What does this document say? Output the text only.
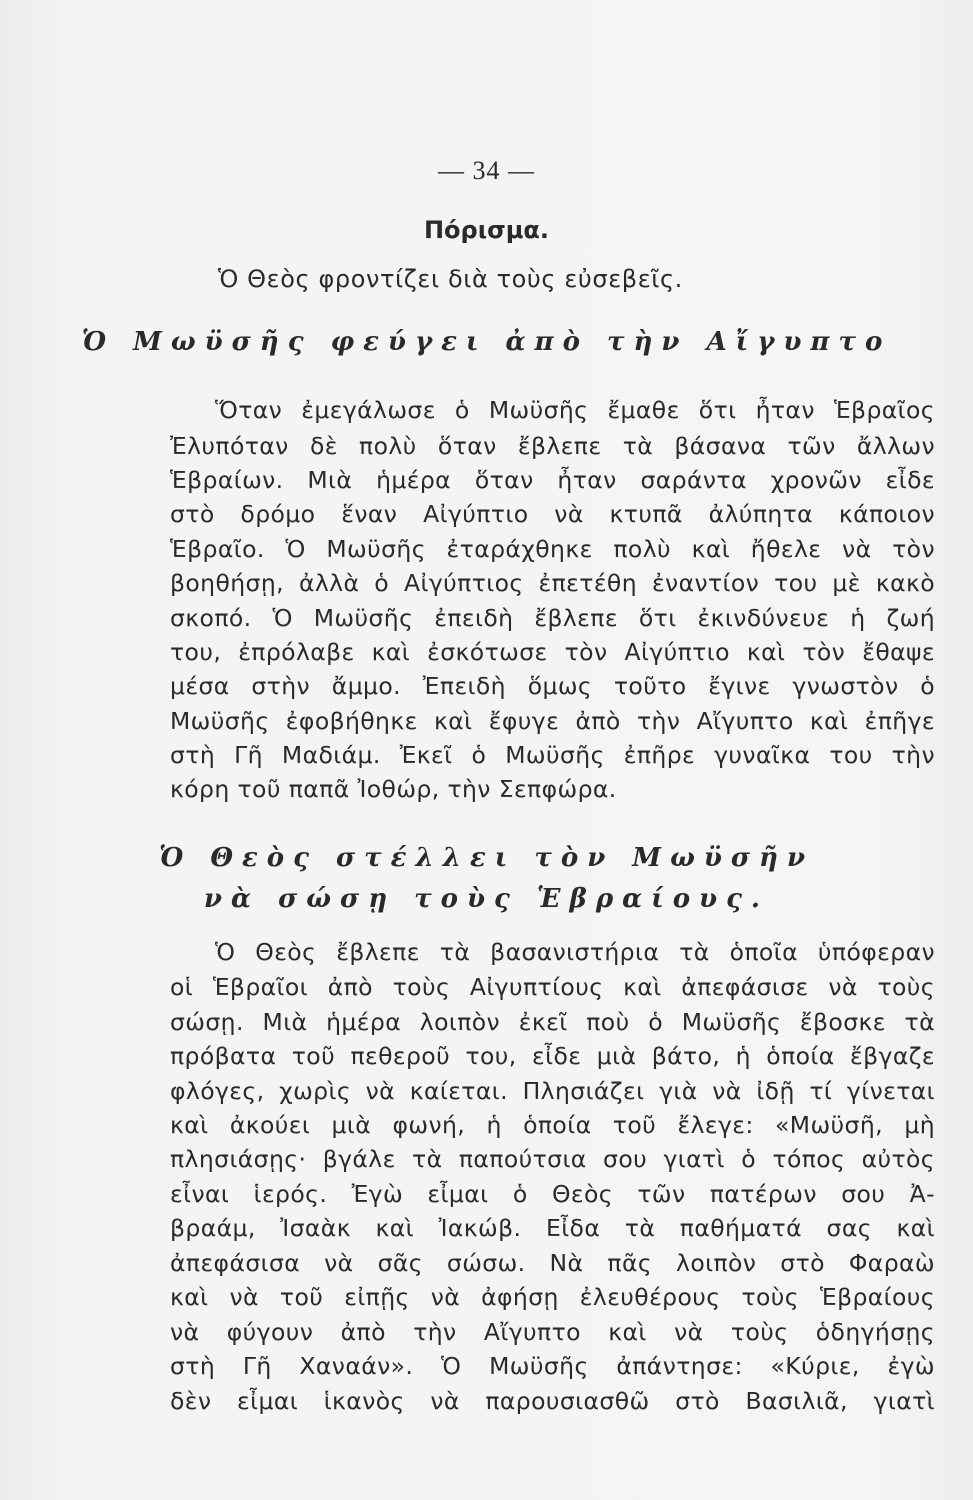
— 34 —
Πόρισμα.
Ὁ Θεὸς φροντίζει διὰ τοὺς εὐσεβεῖς.
Ὁ Μωϋσῆς φεύγει ἀπὸ τὴν Αἴγυπτο
Ὅταν ἐμεγάλωσε ὁ Μωϋσῆς ἔμαθε ὅτι ἦταν Ἑβραῖος
Ἐλυπόταν δὲ πολὺ ὅταν ἔβλεπε τὰ βάσανα τῶν ἄλλων
Ἑβραίων. Μιὰ ἡμέρα ὅταν ἦταν σαράντα χρονῶν εἶδε
στὸ δρόμο ἕναν Αἰγύπτιο νὰ κτυπᾶ ἀλύπητα κάποιον
Ἑβραῖο. Ὁ Μωϋσῆς ἐταράχθηκε πολὺ καὶ ἤθελε νὰ τὸν
βοηθήσῃ, ἀλλὰ ὁ Αἰγύπτιος ἐπετέθη ἐναντίον του μὲ κακὸ
σκοπό. Ὁ Μωϋσῆς ἐπειδὴ ἔβλεπε ὅτι ἐκινδύνευε ἡ ζωή
του, ἐπρόλαβε καὶ ἐσκότωσε τὸν Αἰγύπτιο καὶ τὸν ἔθαψε
μέσα στὴν ἄμμο. Ἐπειδὴ ὅμως τοῦτο ἔγινε γνωστὸν ὁ
Μωϋσῆς ἐφοβήθηκε καὶ ἔφυγε ἀπὸ τὴν Αἴγυπτο καὶ ἐπῆγε
στὴ Γῆ Μαδιάμ. Ἐκεῖ ὁ Μωϋσῆς ἐπῆρε γυναῖκα του τὴν
κόρη τοῦ παπᾶ Ἰοθώρ, τὴν Σεπφώρα.
Ὁ Θεὸς στέλλει τὸν Μωϋσῆν
νὰ σώσῃ τοὺς Ἑβραίους.
Ὁ Θεὸς ἔβλεπε τὰ βασανιστήρια τὰ ὁποῖα ὑπόφεραν
οἱ Ἑβραῖοι ἀπὸ τοὺς Αἰγυπτίους καὶ ἀπεφάσισε νὰ τοὺς
σώσῃ. Μιὰ ἡμέρα λοιπὸν ἐκεῖ ποὺ ὁ Μωϋσῆς ἔβοσκε τὰ
πρόβατα τοῦ πεθεροῦ του, εἶδε μιὰ βάτο, ἡ ὁποία ἔβγαζε
φλόγες, χωρὶς νὰ καίεται. Πλησιάζει γιὰ νὰ ἰδῇ τί γίνεται
καὶ ἀκούει μιὰ φωνή, ἡ ὁποία τοῦ ἔλεγε: «Μωϋσῆ, μὴ
πλησιάσῃς· βγάλε τὰ παπούτσια σου γιατὶ ὁ τόπος αὐτὸς
εἶναι ἱερός. Ἐγὼ εἶμαι ὁ Θεὸς τῶν πατέρων σου Ἀ-
βραάμ, Ἰσαὰκ καὶ Ἰακώβ. Εἶδα τὰ παθήματά σας καὶ
ἀπεφάσισα νὰ σᾶς σώσω. Νὰ πᾶς λοιπὸν στὸ Φαραὼ
καὶ νὰ τοῦ εἰπῇς νὰ ἀφήσῃ ἐλευθέρους τοὺς Ἑβραίους
νὰ φύγουν ἀπὸ τὴν Αἴγυπτο καὶ νὰ τοὺς ὁδηγήσῃς
στὴ Γῆ Χαναάν». Ὁ Μωϋσῆς ἀπάντησε: «Κύριε, ἐγὼ
δὲν εἶμαι ἱκανὸς νὰ παρουσιασθῶ στὸ Βασιλιᾶ, γιατὶ
